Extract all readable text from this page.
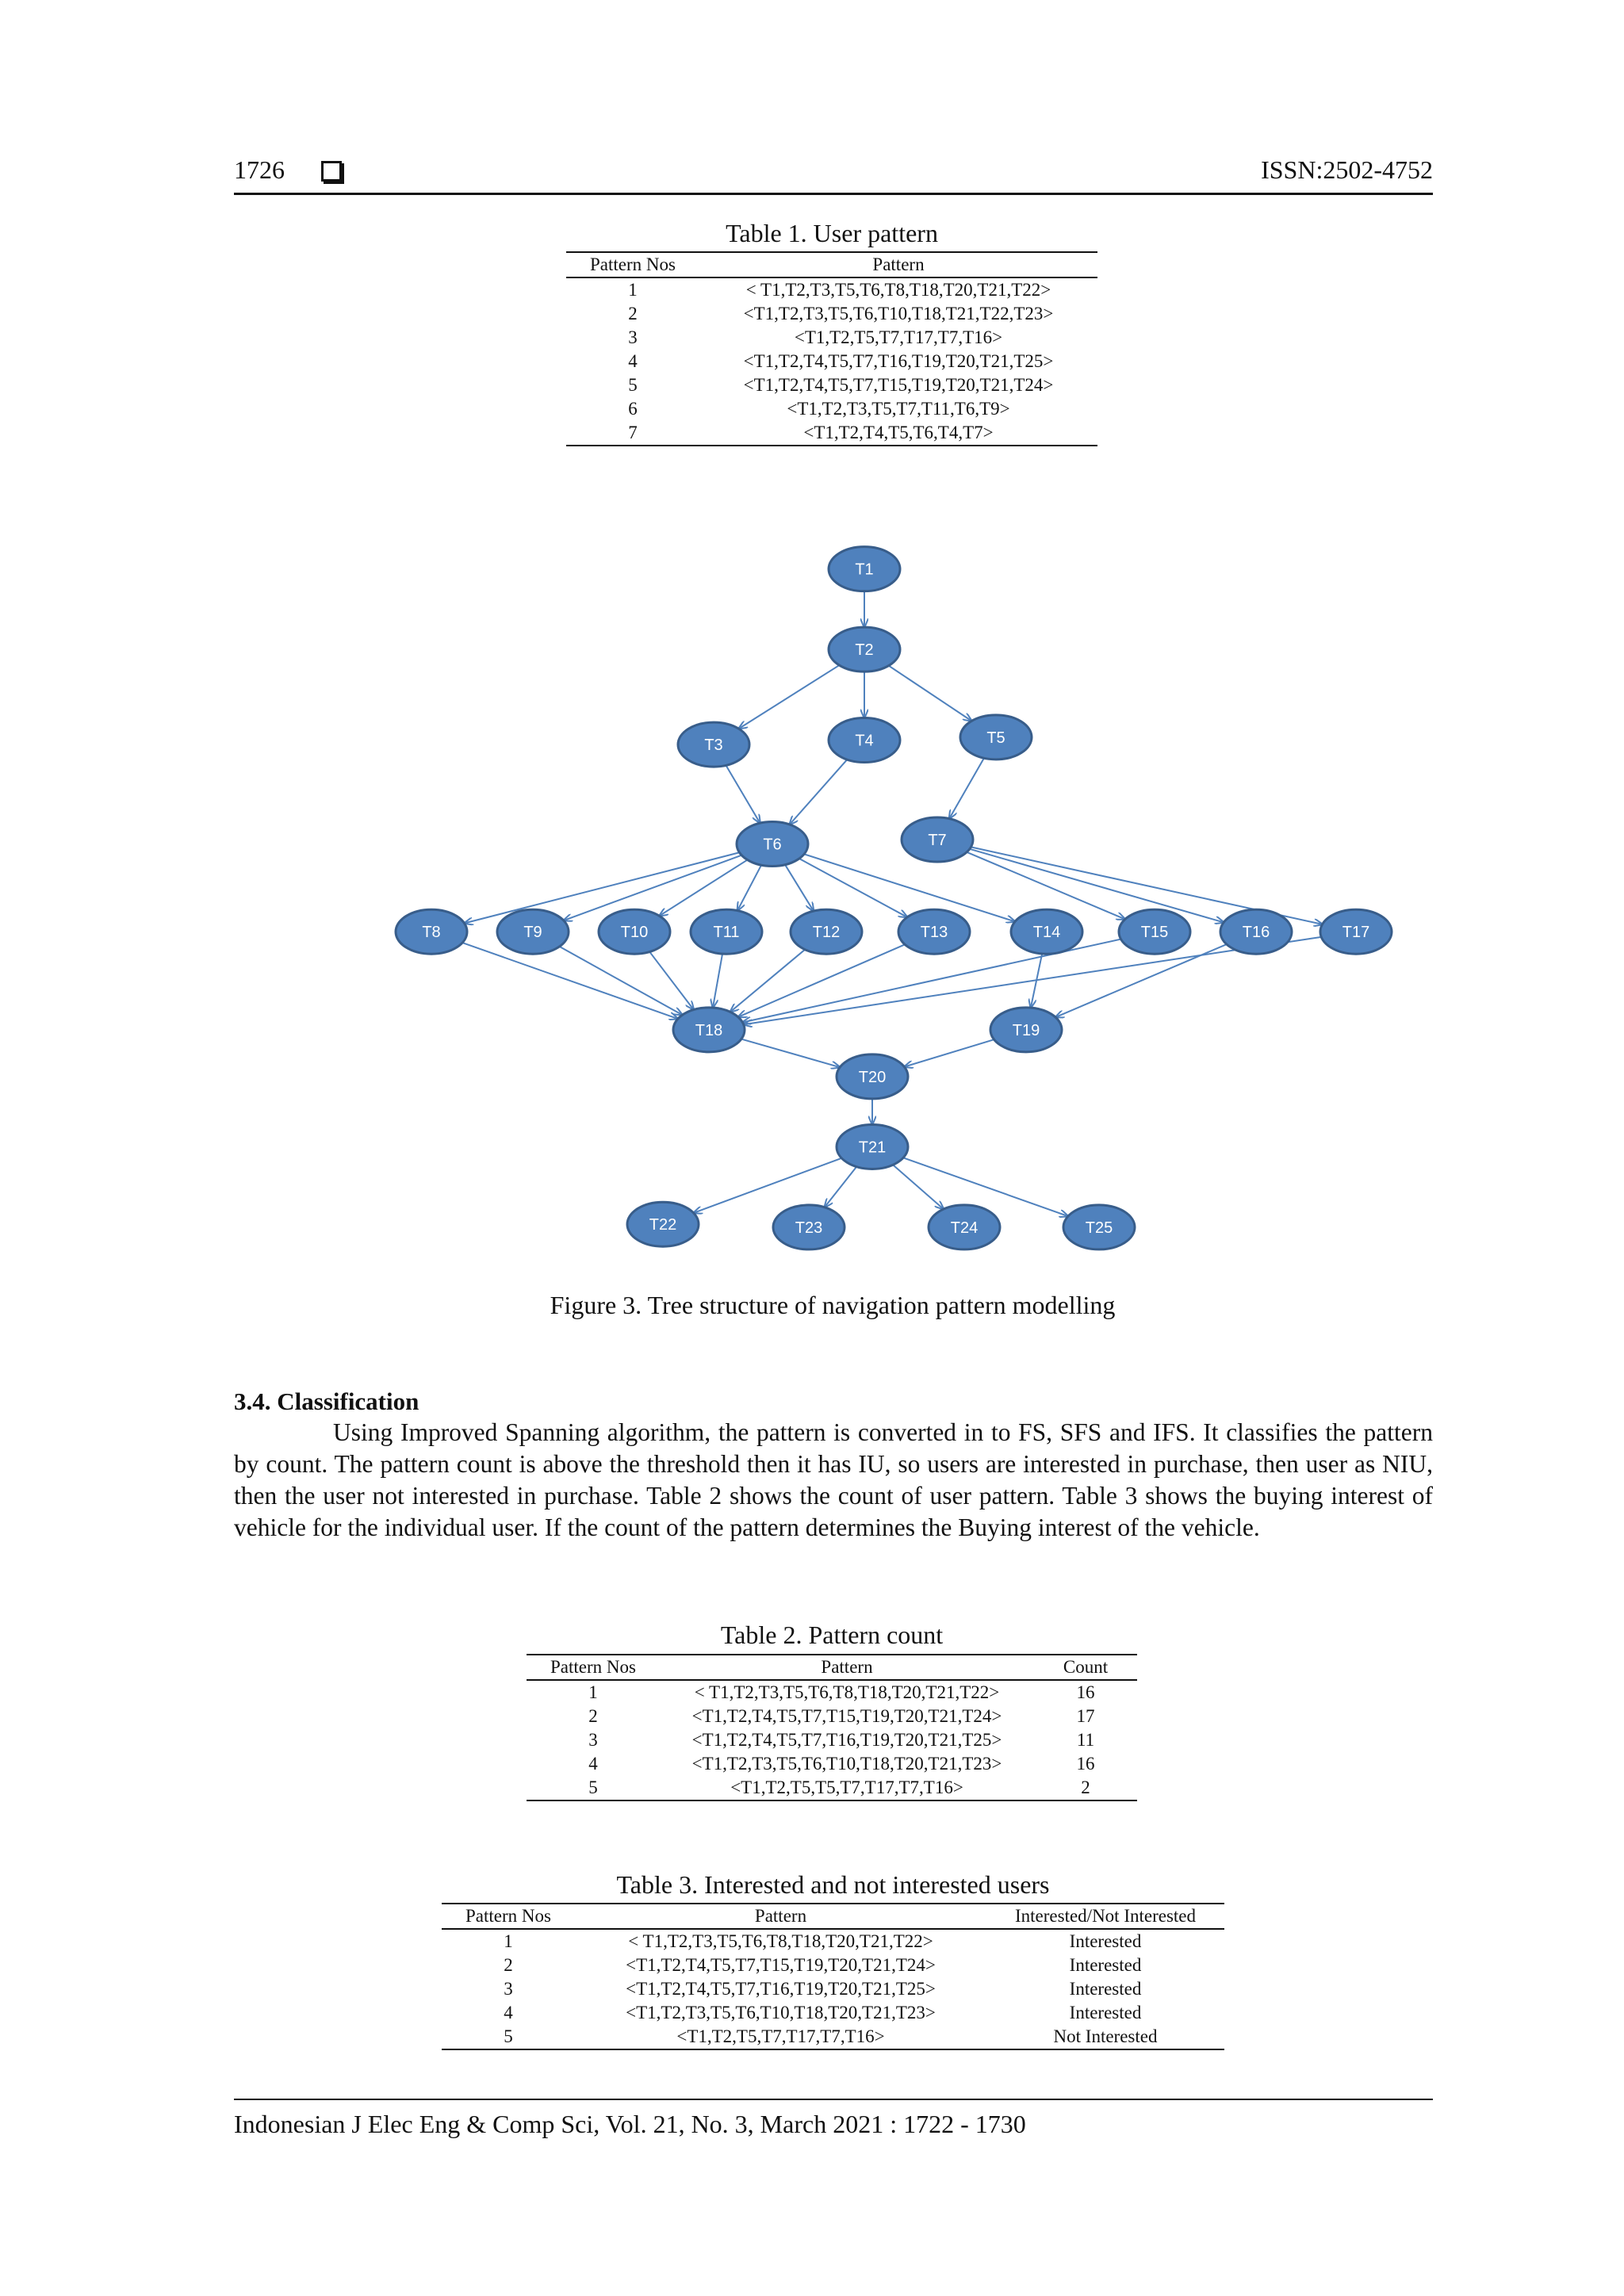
1726	ISSN:2502-4752
Table 1. User pattern
Pattern Nos	Pattern
1	< T1,T2,T3,T5,T6,T8,T18,T20,T21,T22>
2	<T1,T2,T3,T5,T6,T10,T18,T21,T22,T23>
3	<T1,T2,T5,T7,T17,T7,T16>
4	<T1,T2,T4,T5,T7,T16,T19,T20,T21,T25>
5	<T1,T2,T4,T5,T7,T15,T19,T20,T21,T24>
6	<T1,T2,T3,T5,T7,T11,T6,T9>
7	<T1,T2,T4,T5,T6,T4,T7>
T1
T2
T3	T4	T5
T6	T7
T8	T9	T10	T11	T12	T13	T14	T15	T16	T17
T18	T19
T20
T21
T22	T23	T24	T25
Figure 3. Tree structure of navigation pattern modelling
3.4. Classification

Using Improved Spanning algorithm, the pattern is converted in to FS, SFS and IFS. It classifies the pattern by count. The pattern count is above the threshold then it has IU, so users are interested in purchase, then user as NIU, then the user not interested in purchase. Table 2 shows the count of user pattern. Table 3 shows the buying interest of vehicle for the individual user. If the count of the pattern determines the Buying interest of the vehicle.

Table 2. Pattern count
Pattern Nos	Pattern	Count
1	< T1,T2,T3,T5,T6,T8,T18,T20,T21,T22>	16
2	<T1,T2,T4,T5,T7,T15,T19,T20,T21,T24>	17
3	<T1,T2,T4,T5,T7,T16,T19,T20,T21,T25>	11
4	<T1,T2,T3,T5,T6,T10,T18,T20,T21,T23>	16
5	<T1,T2,T5,T5,T7,T17,T7,T16>	2
Table 3. Interested and not interested users
Pattern Nos	Pattern	Interested/Not Interested
1	< T1,T2,T3,T5,T6,T8,T18,T20,T21,T22>	Interested
2	<T1,T2,T4,T5,T7,T15,T19,T20,T21,T24>	Interested
3	<T1,T2,T4,T5,T7,T16,T19,T20,T21,T25>	Interested
4	<T1,T2,T3,T5,T6,T10,T18,T20,T21,T23>	Interested
5	<T1,T2,T5,T7,T17,T7,T16>	Not Interested
Indonesian J Elec Eng & Comp Sci, Vol. 21, No. 3, March 2021 : 1722 - 1730
